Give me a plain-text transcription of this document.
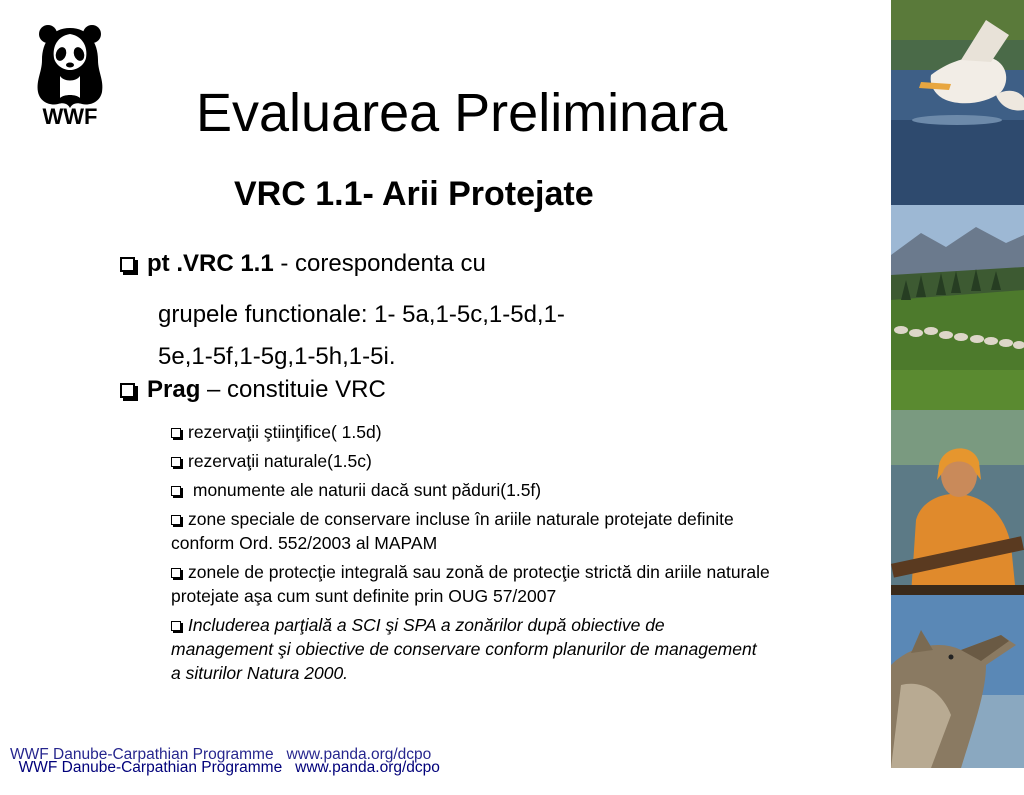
WWF Evaluarea Preliminara
VRC 1.1- Arii Protejate
pt .VRC 1.1 - corespondenta cu
grupele functionale: 1- 5a,1-5c,1-5d,1-
5e,1-5f,1-5g,1-5h,1-5i.
Prag – constituie VRC

rezervaţii ştiinţifice( 1.5d)

rezervaţii naturale(1.5c)

monumente ale naturii dacă sunt păduri(1.5f)

zone speciale de conservare incluse în ariile naturale protejate definite conform Ord. 552/2003 al MAPAM

zonele de protecţie integrală sau zonă de protecţie strictă din ariile naturale protejate aşa cum sunt definite prin OUG 57/2007

Includerea parţială a SCI şi SPA a zonărilor după obiective de management şi obiective de conservare conform planurilor de management a siturilor Natura 2000.

WWF Danube-Carpathian Programme   www.panda.org/dcpo

WWF Danube-Carpathian Programme   www.panda.org/dcpo
